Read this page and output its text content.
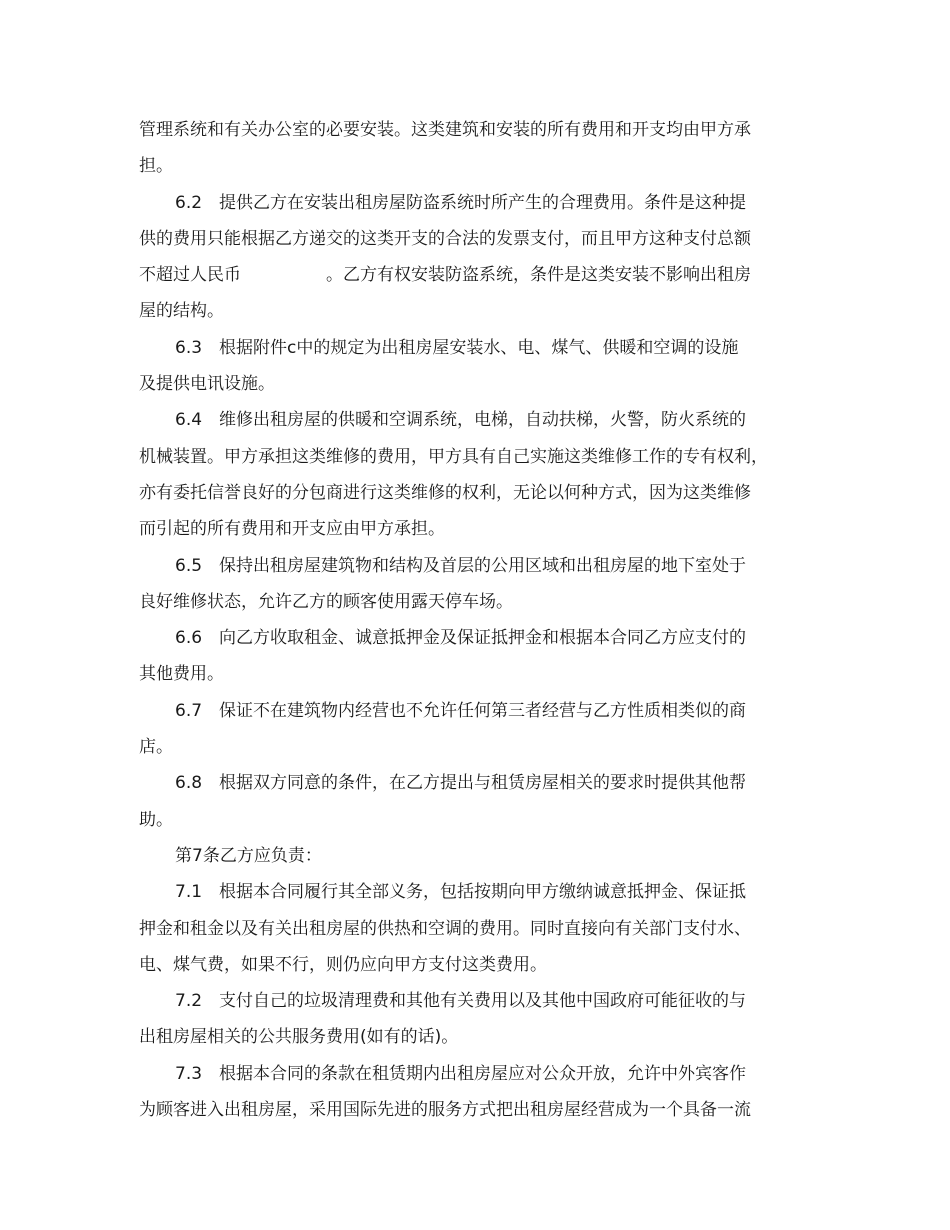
管理系统和有关办公室的必要安装。这类建筑和安装的所有费用和开支均由甲方承
担。
6.2　提供乙方在安装出租房屋防盗系统时所产生的合理费用。条件是这种提
供的费用只能根据乙方递交的这类开支的合法的发票支付，而且甲方这种支付总额
不超过人民币　　　　　。乙方有权安装防盗系统，条件是这类安装不影响出租房
屋的结构。
6.3　根据附件c中的规定为出租房屋安装水、电、煤气、供暖和空调的设施
及提供电讯设施。
6.4　维修出租房屋的供暖和空调系统，电梯，自动扶梯，火警，防火系统的
机械装置。甲方承担这类维修的费用，甲方具有自己实施这类维修工作的专有权利，
亦有委托信誉良好的分包商进行这类维修的权利，无论以何种方式，因为这类维修
而引起的所有费用和开支应由甲方承担。
6.5　保持出租房屋建筑物和结构及首层的公用区域和出租房屋的地下室处于
良好维修状态，允许乙方的顾客使用露天停车场。
6.6　向乙方收取租金、诚意抵押金及保证抵押金和根据本合同乙方应支付的
其他费用。
6.7　保证不在建筑物内经营也不允许任何第三者经营与乙方性质相类似的商
店。
6.8　根据双方同意的条件，在乙方提出与租赁房屋相关的要求时提供其他帮
助。
第7条乙方应负责：
7.1　根据本合同履行其全部义务，包括按期向甲方缴纳诚意抵押金、保证抵
押金和租金以及有关出租房屋的供热和空调的费用。同时直接向有关部门支付水、
电、煤气费，如果不行，则仍应向甲方支付这类费用。
7.2　支付自己的垃圾清理费和其他有关费用以及其他中国政府可能征收的与
出租房屋相关的公共服务费用(如有的话)。
7.3　根据本合同的条款在租赁期内出租房屋应对公众开放，允许中外宾客作
为顾客进入出租房屋，采用国际先进的服务方式把出租房屋经营成为一个具备一流
